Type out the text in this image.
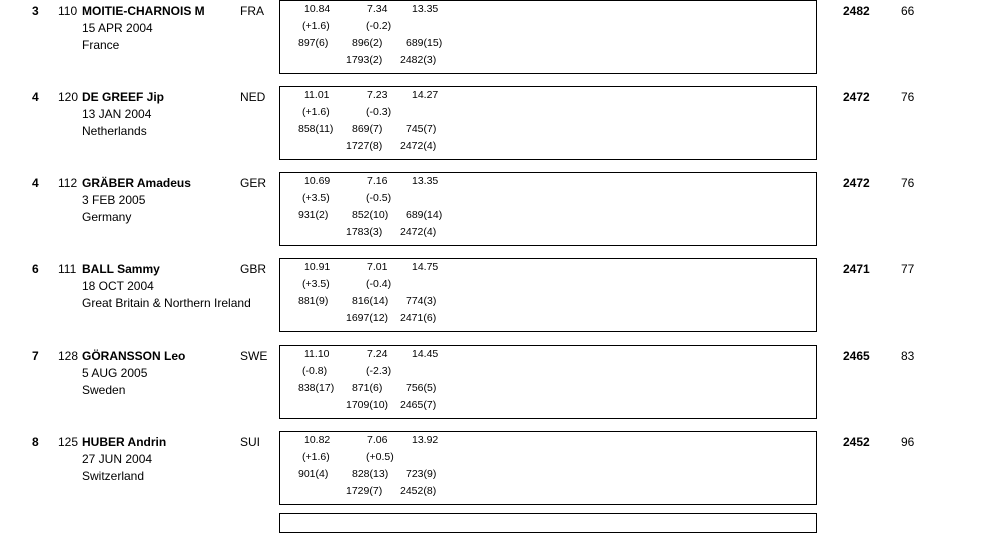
3 110 MOITIE-CHARNOIS M
15 APR 2004
France
FRA	10.84	7.34 13.35
(+1.6)	(-0.2)
897(6) 896(2) 689(15)
1793(2) 2482(3)
2482	66
4 120 DE GREEF Jip
13 JAN 2004
Netherlands
NED	11.01	7.23 14.27
(+1.6)	(-0.3)
858(11) 869(7) 745(7)
1727(8) 2472(4)
2472	76
4 112 GRÄBER Amadeus
3 FEB 2005
Germany
GER	10.69	7.16 13.35
(+3.5)	(-0.5)
931(2) 852(10) 689(14)
1783(3) 2472(4)
2472	76
6 111 BALL Sammy
18 OCT 2004
Great Britain & Northern Ireland
GBR	10.91	7.01 14.75
(+3.5)	(-0.4)
881(9) 816(14) 774(3)
1697(12) 2471(6)
2471	77
7 128 GÖRANSSON Leo
5 AUG 2005
Sweden
SWE	11.10	7.24 14.45
(-0.8)	(-2.3)
838(17) 871(6) 756(5)
1709(10) 2465(7)
2465	83
8 125 HUBER Andrin
27 JUN 2004
Switzerland
SUI	10.82	7.06 13.92
(+1.6)	(+0.5)
901(4) 828(13) 723(9)
1729(7) 2452(8)
2452	96
